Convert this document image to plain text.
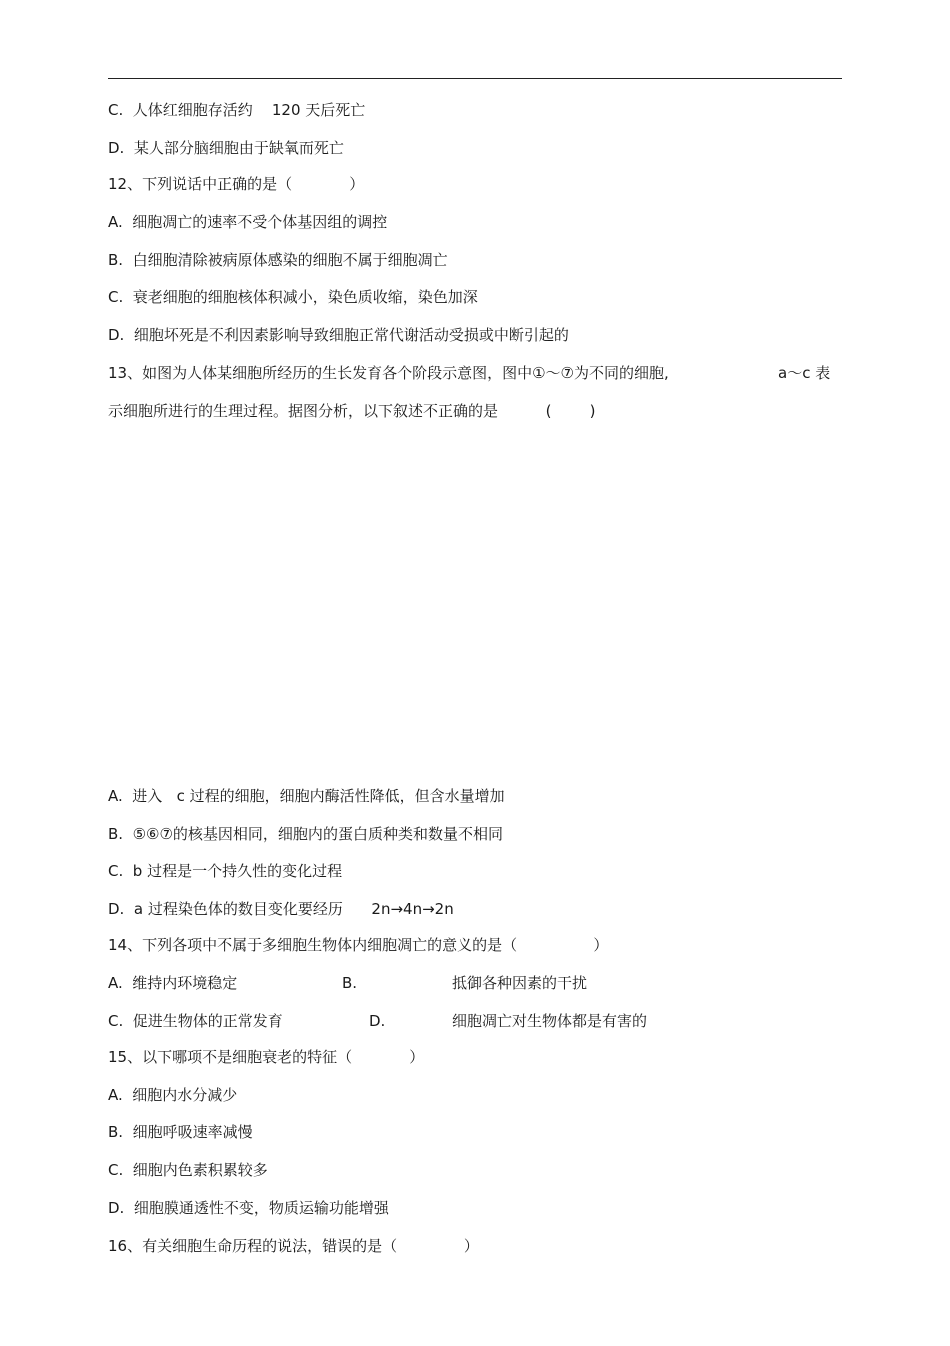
C.  人体红细胞存活约    120 天后死亡
D.  某人部分脑细胞由于缺氧而死亡
12、下列说话中正确的是（            ）
A.  细胞凋亡的速率不受个体基因组的调控
B.  白细胞清除被病原体感染的细胞不属于细胞凋亡
C.  衰老细胞的细胞核体积减小，染色质收缩，染色加深
D.  细胞坏死是不利因素影响导致细胞正常代谢活动受损或中断引起的
13、如图为人体某细胞所经历的生长发育各个阶段示意图，图中①～⑦为不同的细胞,	a～c 表
示细胞所进行的生理过程。据图分析，以下叙述不正确的是          (        )
A.  进入   c 过程的细胞，细胞内酶活性降低，但含水量增加
B.  ⑤⑥⑦的核基因相同，细胞内的蛋白质种类和数量不相同
C.  b 过程是一个持久性的变化过程
D.  a 过程染色体的数目变化要经历      2n→4n→2n
14、下列各项中不属于多细胞生物体内细胞凋亡的意义的是（                ）
A.  维持内环境稳定	B.	抵御各种因素的干扰
C.  促进生物体的正常发育	D.	细胞凋亡对生物体都是有害的
15、以下哪项不是细胞衰老的特征（            ）
A.  细胞内水分减少
B.  细胞呼吸速率减慢
C.  细胞内色素积累较多
D.  细胞膜通透性不变，物质运输功能增强
16、有关细胞生命历程的说法，错误的是（              ）
